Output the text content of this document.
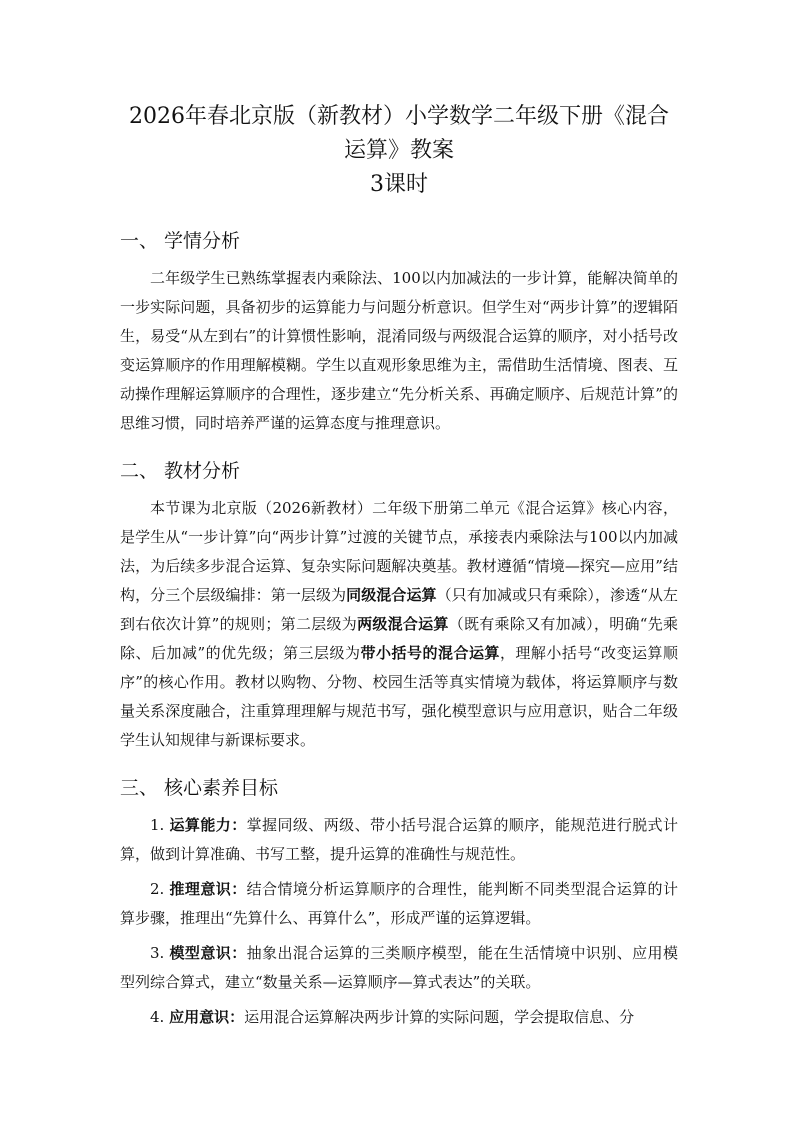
2026年春北京版（新教材）小学数学二年级下册《混合运算》教案
3课时
一、 学情分析

二年级学生已熟练掌握表内乘除法、100以内加减法的一步计算，能解决简单的一步实际问题，具备初步的运算能力与问题分析意识。但学生对“两步计算”的逻辑陌生，易受“从左到右”的计算惯性影响，混淆同级与两级混合运算的顺序，对小括号改变运算顺序的作用理解模糊。学生以直观形象思维为主，需借助生活情境、图表、互动操作理解运算顺序的合理性，逐步建立“先分析关系、再确定顺序、后规范计算”的思维习惯，同时培养严谨的运算态度与推理意识。

二、 教材分析

本节课为北京版（2026新教材）二年级下册第二单元《混合运算》核心内容，是学生从“一步计算”向“两步计算”过渡的关键节点，承接表内乘除法与100以内加减法，为后续多步混合运算、复杂实际问题解决奠基。教材遵循“情境—探究—应用”结构，分三个层级编排：第一层级为同级混合运算（只有加减或只有乘除），渗透“从左到右依次计算”的规则；第二层级为两级混合运算（既有乘除又有加减），明确“先乘除、后加减”的优先级；第三层级为带小括号的混合运算，理解小括号“改变运算顺序”的核心作用。教材以购物、分物、校园生活等真实情境为载体，将运算顺序与数量关系深度融合，注重算理理解与规范书写，强化模型意识与应用意识，贴合二年级学生认知规律与新课标要求。

三、 核心素养目标

1. 运算能力：掌握同级、两级、带小括号混合运算的顺序，能规范进行脱式计算，做到计算准确、书写工整，提升运算的准确性与规范性。

2. 推理意识：结合情境分析运算顺序的合理性，能判断不同类型混合运算的计算步骤，推理出“先算什么、再算什么”，形成严谨的运算逻辑。

3. 模型意识：抽象出混合运算的三类顺序模型，能在生活情境中识别、应用模型列综合算式，建立“数量关系—运算顺序—算式表达”的关联。

4. 应用意识：运用混合运算解决两步计算的实际问题，学会提取信息、分
